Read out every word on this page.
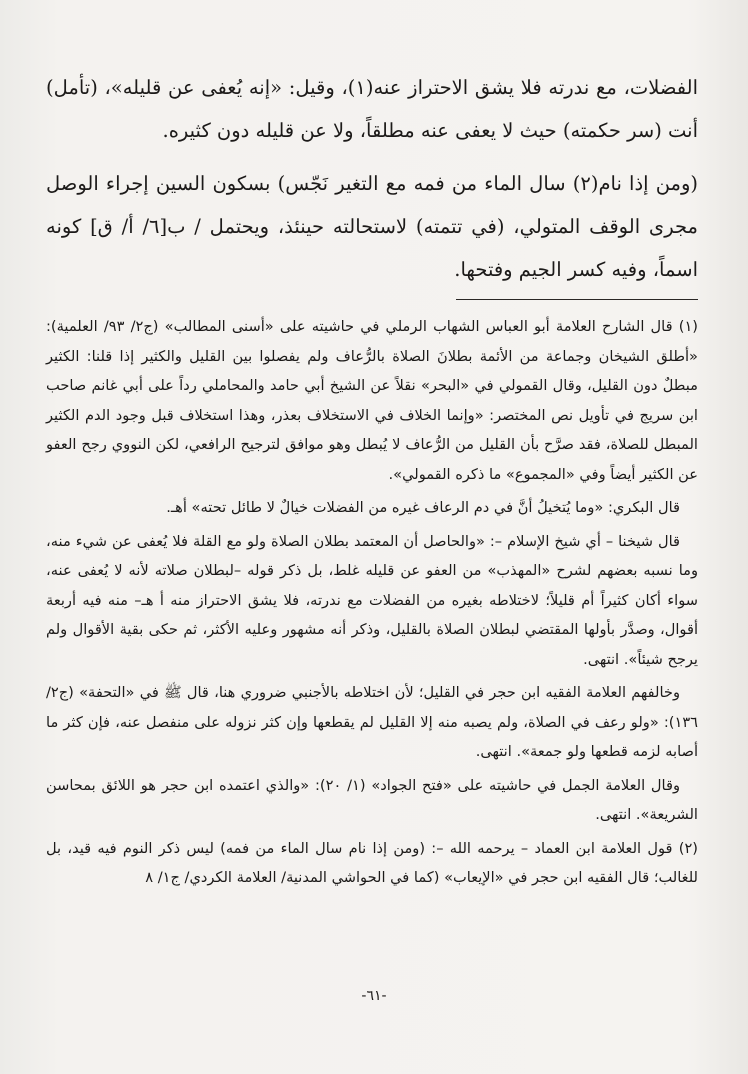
الفضلات، مع ندرته فلا يشق الاحتراز عنه(١)، وقيل: «إنه يُعفى عن قليله»، (تأمل) أنت (سر حكمته) حيث لا يعفى عنه مطلقاً، ولا عن قليله دون كثيره.

(ومن إذا نام(٢) سال الماء من فمه مع التغير نَجّس) بسكون السين إجراء الوصل مجرى الوقف المتولي، (في تتمته) لاستحالته حينئذ، ويحتمل / ب[٦/ أ/ ق] كونه اسماً، وفيه كسر الجيم وفتحها.

(١) قال الشارح العلامة أبو العباس الشهاب الرملي في حاشيته على «أسنى المطالب» (ج٢/ ٩٣/ العلمية): «أطلق الشيخان وجماعة من الأئمة بطلانَ الصلاة بالرُّعاف ولم يفصلوا بين القليل والكثير إذا قلنا: الكثير مبطلٌ دون القليل، وقال القمولي في «البحر» نقلاً عن الشيخ أبي حامد والمحاملي رداً على أبي غانم صاحب ابن سريج في تأويل نص المختصر: «وإنما الخلاف في الاستخلاف بعذر، وهذا استخلاف قبل وجود الدم الكثير المبطل للصلاة، فقد صرَّح بأن القليل من الرُّعاف لا يُبطل وهو موافق لترجيح الرافعي، لكن النووي رجح العفو عن الكثير أيضاً وفي «المجموع» ما ذكره القمولي».

قال البكري: «وما يُتخيلُ أنَّ في دم الرعاف غيره من الفضلات خيالٌ لا طائل تحته» أهـ.

قال شيخنا – أي شيخ الإسلام –: «والحاصل أن المعتمد بطلان الصلاة ولو مع القلة فلا يُعفى عن شيء منه، وما نسبه بعضهم لشرح «المهذب» من العفو عن قليله غلط، بل ذكر قوله –لبطلان صلاته لأنه لا يُعفى عنه، سواء أكان كثيراً أم قليلاً؛ لاختلاطه بغيره من الفضلات مع ندرته، فلا يشق الاحتراز منه أ هـ– منه فيه أربعة أقوال، وصدَّر بأولها المقتضي لبطلان الصلاة بالقليل، وذكر أنه مشهور وعليه الأكثر، ثم حكى بقية الأقوال ولم يرجح شيئاً». انتهى.

وخالفهم العلامة الفقيه ابن حجر في القليل؛ لأن اختلاطه بالأجنبي ضروري هنا، قال ﷺ في «التحفة» (ج٢/ ١٣٦): «ولو رعف في الصلاة، ولم يصبه منه إلا القليل لم يقطعها وإن كثر نزوله على منفصل عنه، فإن كثر ما أصابه لزمه قطعها ولو جمعة». انتهى.

وقال العلامة الجمل في حاشيته على «فتح الجواد» (١/ ٢٠): «والذي اعتمده ابن حجر هو اللائق بمحاسن الشريعة». انتهى.

(٢) قول العلامة ابن العماد – يرحمه الله –: (ومن إذا نام سال الماء من فمه) ليس ذكر النوم فيه قيد، بل للغالب؛ قال الفقيه ابن حجر في «الإيعاب» (كما في الحواشي المدنية/ العلامة الكردي/ ج١/ ٨

-٦١-
